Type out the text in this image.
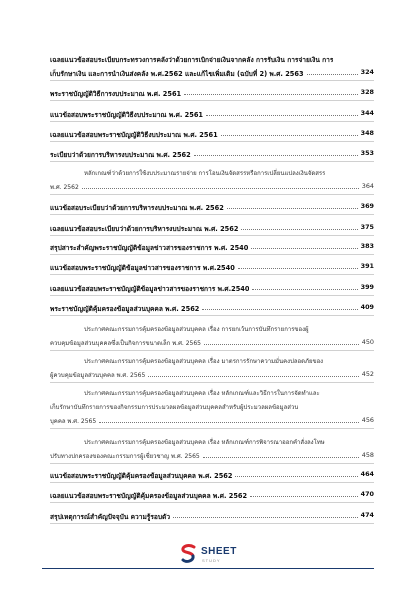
เฉลยแนวข้อสอบระเบียบกระทรวงการคลังว่าด้วยการเบิกจ่ายเงินจากคลัง การรับเงิน การจ่ายเงิน การ
เก็บรักษาเงิน และการนำเงินส่งคลัง พ.ศ.2562 และแก้ไขเพิ่มเติม (ฉบับที่ 2) พ.ศ. 2563	324
พระราชบัญญัติวิธีการงบประมาณ พ.ศ. 2561	328
แนวข้อสอบพระราชบัญญัติวิธีงบประมาณ พ.ศ. 2561	344
เฉลยแนวข้อสอบพระราชบัญญัติวิธีงบประมาณ พ.ศ. 2561	348
ระเบียบว่าด้วยการบริหารงบประมาณ พ.ศ. 2562	353
หลักเกณฑ์ว่าด้วยการใช้งบประมาณรายจ่าย การโอนเงินจัดสรรหรือการเปลี่ยนแปลงเงินจัดสรร
พ.ศ. 2562	364
แนวข้อสอบระเบียบว่าด้วยการบริหารงบประมาณ พ.ศ. 2562	369
เฉลยแนวข้อสอบระเบียบว่าด้วยการบริหารงบประมาณ พ.ศ. 2562	375
สรุปสาระสำคัญพระราชบัญญัติข้อมูลข่าวสารของราชการ พ.ศ. 2540	383
แนวข้อสอบพระราชบัญญัติข้อมูลข่าวสารของราชการ พ.ศ.2540	391
เฉลยแนวข้อสอบพระราชบัญญัติข้อมูลข่าวสารของราชการ พ.ศ.2540	399
พระราชบัญญัติคุ้มครองข้อมูลส่วนบุคคล พ.ศ. 2562	409
ประกาศคณะกรรมการคุ้มครองข้อมูลส่วนบุคคล เรื่อง การยกเว้นการบันทึกรายการของผู้
ควบคุมข้อมูลส่วนบุคคลซึ่งเป็นกิจการขนาดเล็ก พ.ศ. 2565	450
ประกาศคณะกรรมการคุ้มครองข้อมูลส่วนบุคคล เรื่อง มาตรการรักษาความมั่นคงปลอดภัยของ
ผู้ควบคุมข้อมูลส่วนบุคคล พ.ศ. 2565	452
ประกาศคณะกรรมการคุ้มครองข้อมูลส่วนบุคคล เรื่อง หลักเกณฑ์และวิธีการในการจัดทำและ
เก็บรักษาบันทึกรายการของกิจกรรมการประมวลผลข้อมูลส่วนบุคคลสำหรับผู้ประมวลผลข้อมูลส่วน
บุคคล พ.ศ. 2565	456
ประกาศคณะกรรมการคุ้มครองข้อมูลส่วนบุคคล เรื่อง หลักเกณฑ์การพิจารณาออกคำสั่งลงโทษ
ปรับทางปกครองของคณะกรรมการผู้เชี่ยวชาญ พ.ศ. 2565	458
แนวข้อสอบพระราชบัญญัติคุ้มครองข้อมูลส่วนบุคคล พ.ศ. 2562	464
เฉลยแนวข้อสอบพระราชบัญญัติคุ้มครองข้อมูลส่วนบุคคล พ.ศ. 2562	470
สรุปเหตุการณ์สำคัญปัจจุบัน ความรู้รอบตัว	474
SHEET
STUDY
